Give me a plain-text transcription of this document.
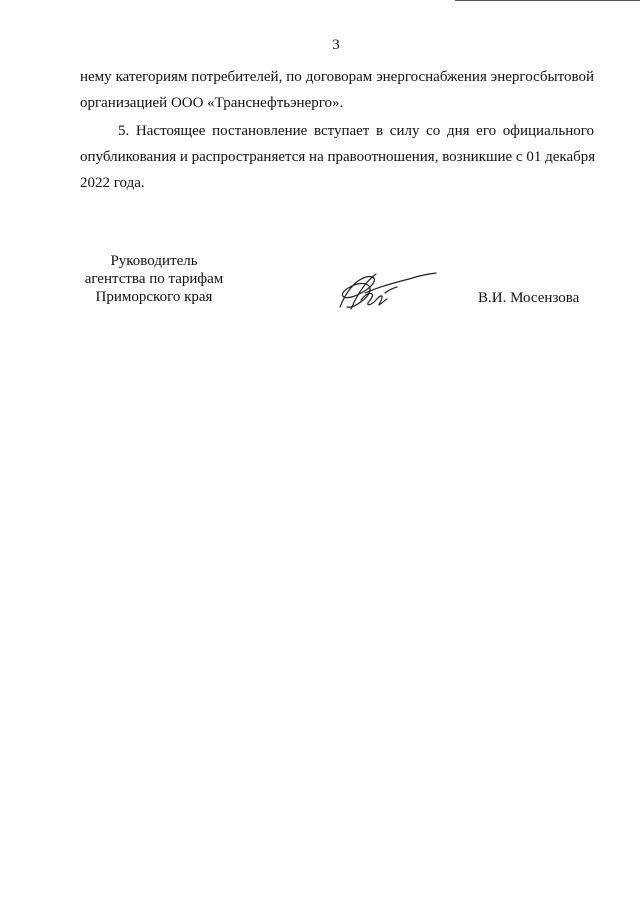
3
нему категориям потребителей, по договорам энергоснабжения энергосбытовой
организацией ООО «Транснефтьэнерго».
5. Настоящее постановление вступает в силу со дня его официального
опубликования и распространяется на правоотношения, возникшие с 01 декабря
2022 года.
Руководитель
агентства по тарифам
Приморского края	В.И. Мосензова
